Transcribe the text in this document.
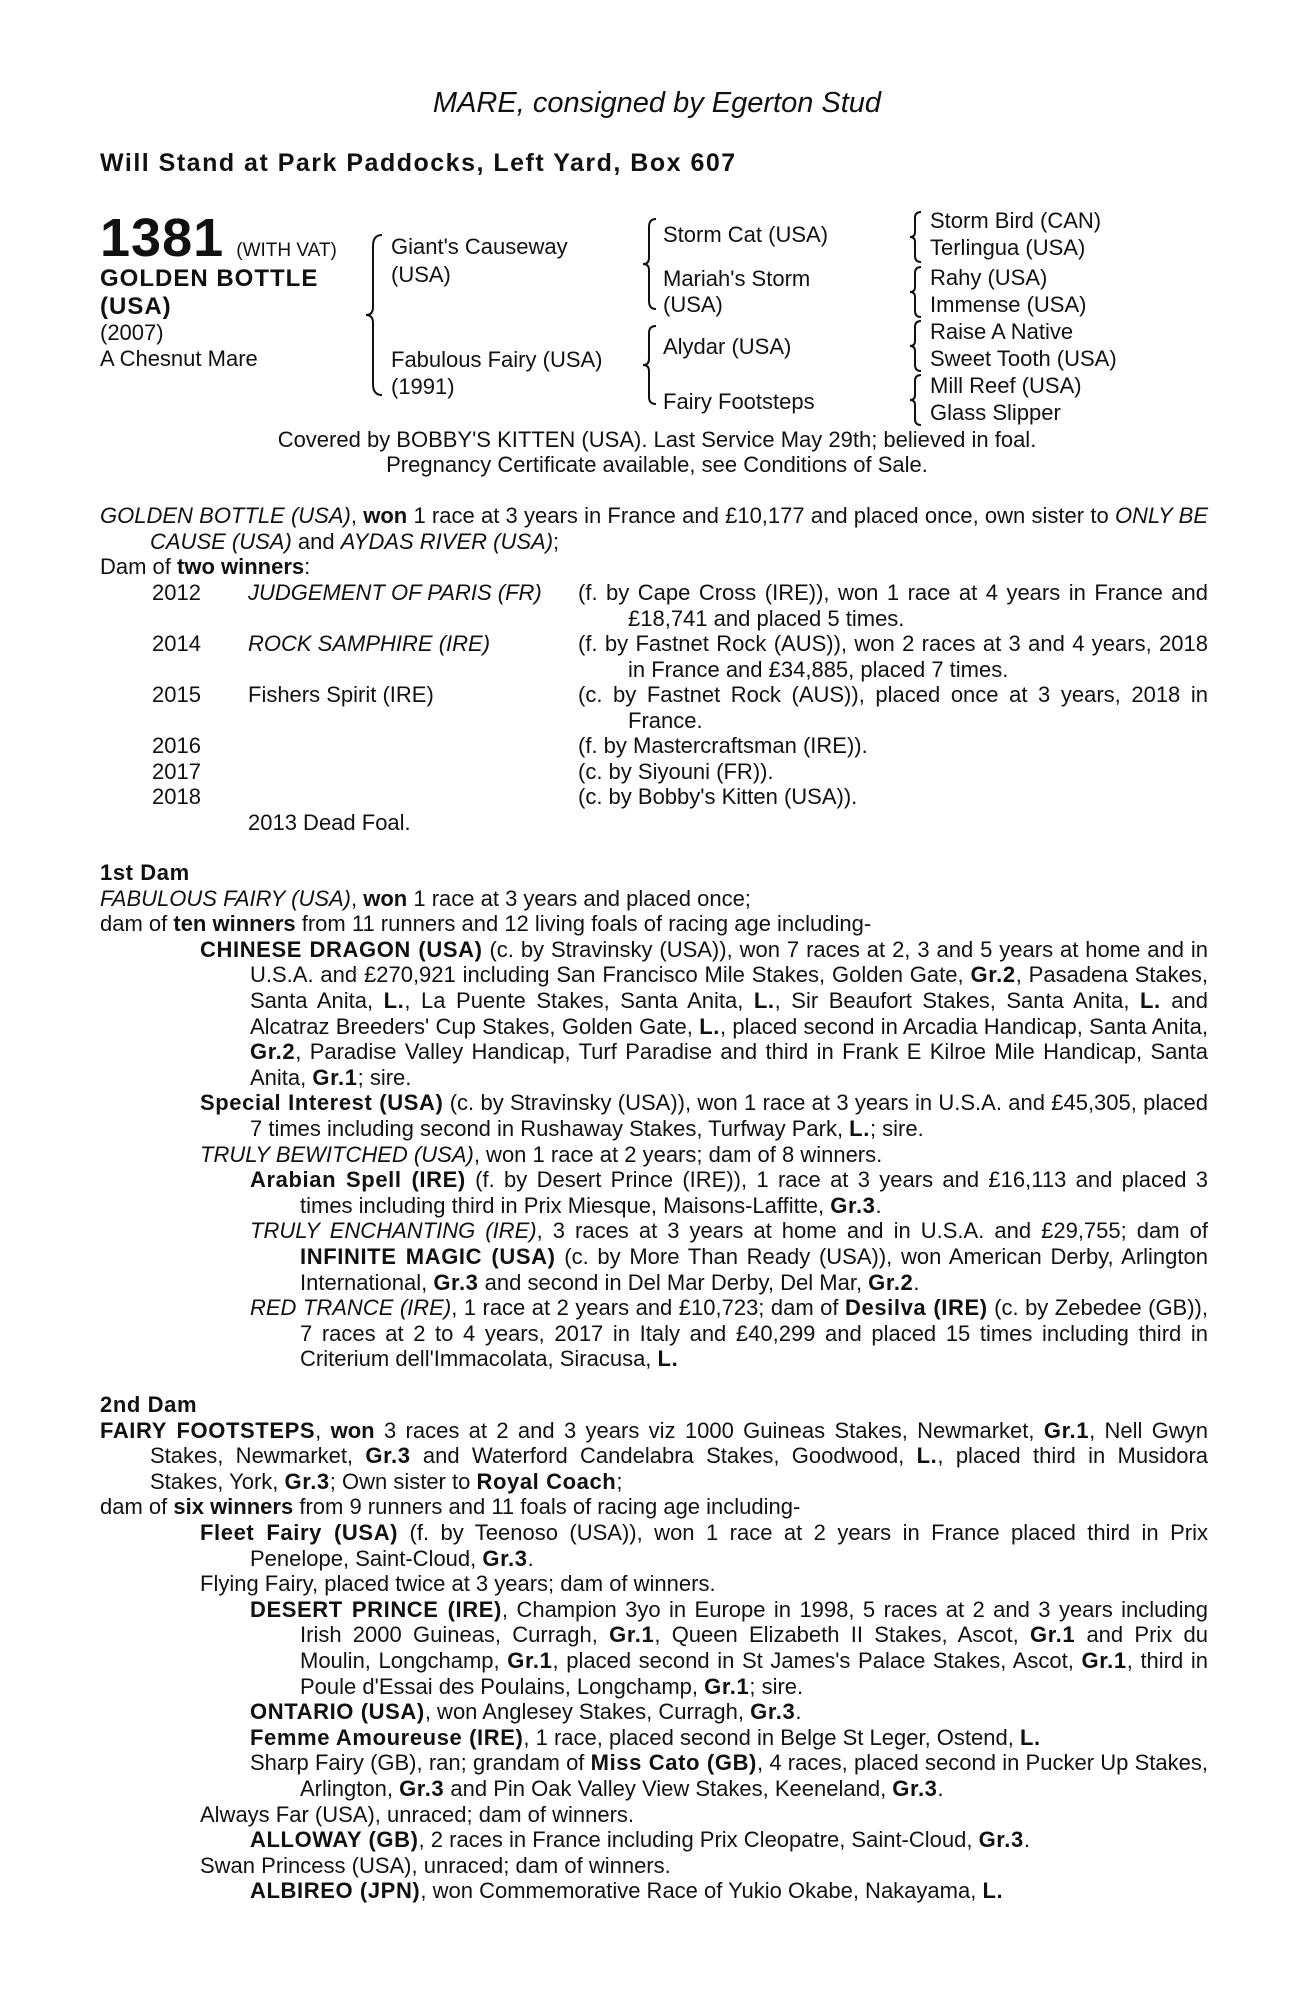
MARE, consigned by Egerton Stud
Will Stand at Park Paddocks, Left Yard, Box 607
1381 (WITH VAT)
GOLDEN BOTTLE
(USA)
(2007)
A Chesnut Mare
Giant's Causeway
(USA)
Fabulous Fairy (USA)
(1991)
Storm Cat (USA)
Mariah's Storm
(USA)
Alydar (USA)
Fairy Footsteps
Storm Bird (CAN)
Terlingua (USA)
Rahy (USA)
Immense (USA)
Raise A Native
Sweet Tooth (USA)
Mill Reef (USA)
Glass Slipper
Covered by BOBBY'S KITTEN (USA). Last Service May 29th; believed in foal.
Pregnancy Certificate available, see Conditions of Sale.

GOLDEN BOTTLE (USA), won 1 race at 3 years in France and £10,177 and placed once, own sister to ONLY BE CAUSE (USA) and AYDAS RIVER (USA);

Dam of two winners:

2012 JUDGEMENT OF PARIS (FR) (f. by Cape Cross (IRE)), won 1 race at 4 years in France and £18,741 and placed 5 times.
2014 ROCK SAMPHIRE (IRE)	(f. by Fastnet Rock (AUS)), won 2 races at 3 and 4 years, 2018 in France and £34,885, placed 7 times.
2015 Fishers Spirit (IRE)	(c. by Fastnet Rock (AUS)), placed once at 3 years, 2018 in France.
2016	(f. by Mastercraftsman (IRE)).
2017	(c. by Siyouni (FR)).
2018	(c. by Bobby's Kitten (USA)).
2013 Dead Foal.

1st Dam

FABULOUS FAIRY (USA), won 1 race at 3 years and placed once;

dam of ten winners from 11 runners and 12 living foals of racing age including-

CHINESE DRAGON (USA) (c. by Stravinsky (USA)), won 7 races at 2, 3 and 5 years at home and in U.S.A. and £270,921 including San Francisco Mile Stakes, Golden Gate, Gr.2, Pasadena Stakes, Santa Anita, L., La Puente Stakes, Santa Anita, L., Sir Beaufort Stakes, Santa Anita, L. and Alcatraz Breeders' Cup Stakes, Golden Gate, L., placed second in Arcadia Handicap, Santa Anita, Gr.2, Paradise Valley Handicap, Turf Paradise and third in Frank E Kilroe Mile Handicap, Santa Anita, Gr.1; sire.

Special Interest (USA) (c. by Stravinsky (USA)), won 1 race at 3 years in U.S.A. and £45,305, placed 7 times including second in Rushaway Stakes, Turfway Park, L.; sire.

TRULY BEWITCHED (USA), won 1 race at 2 years; dam of 8 winners.

Arabian Spell (IRE) (f. by Desert Prince (IRE)), 1 race at 3 years and £16,113 and placed 3 times including third in Prix Miesque, Maisons-Laffitte, Gr.3.

TRULY ENCHANTING (IRE), 3 races at 3 years at home and in U.S.A. and £29,755; dam of INFINITE MAGIC (USA) (c. by More Than Ready (USA)), won American Derby, Arlington International, Gr.3 and second in Del Mar Derby, Del Mar, Gr.2.

RED TRANCE (IRE), 1 race at 2 years and £10,723; dam of Desilva (IRE) (c. by Zebedee (GB)), 7 races at 2 to 4 years, 2017 in Italy and £40,299 and placed 15 times including third in Criterium dell'Immacolata, Siracusa, L.

2nd Dam

FAIRY FOOTSTEPS, won 3 races at 2 and 3 years viz 1000 Guineas Stakes, Newmarket, Gr.1, Nell Gwyn Stakes, Newmarket, Gr.3 and Waterford Candelabra Stakes, Goodwood, L., placed third in Musidora Stakes, York, Gr.3; Own sister to Royal Coach;

dam of six winners from 9 runners and 11 foals of racing age including-

Fleet Fairy (USA) (f. by Teenoso (USA)), won 1 race at 2 years in France placed third in Prix Penelope, Saint-Cloud, Gr.3.

Flying Fairy, placed twice at 3 years; dam of winners.

DESERT PRINCE (IRE), Champion 3yo in Europe in 1998, 5 races at 2 and 3 years including Irish 2000 Guineas, Curragh, Gr.1, Queen Elizabeth II Stakes, Ascot, Gr.1 and Prix du Moulin, Longchamp, Gr.1, placed second in St James's Palace Stakes, Ascot, Gr.1, third in Poule d'Essai des Poulains, Longchamp, Gr.1; sire.

ONTARIO (USA), won Anglesey Stakes, Curragh, Gr.3.

Femme Amoureuse (IRE), 1 race, placed second in Belge St Leger, Ostend, L.

Sharp Fairy (GB), ran; grandam of Miss Cato (GB), 4 races, placed second in Pucker Up Stakes, Arlington, Gr.3 and Pin Oak Valley View Stakes, Keeneland, Gr.3.

Always Far (USA), unraced; dam of winners.

ALLOWAY (GB), 2 races in France including Prix Cleopatre, Saint-Cloud, Gr.3.

Swan Princess (USA), unraced; dam of winners.

ALBIREO (JPN), won Commemorative Race of Yukio Okabe, Nakayama, L.
